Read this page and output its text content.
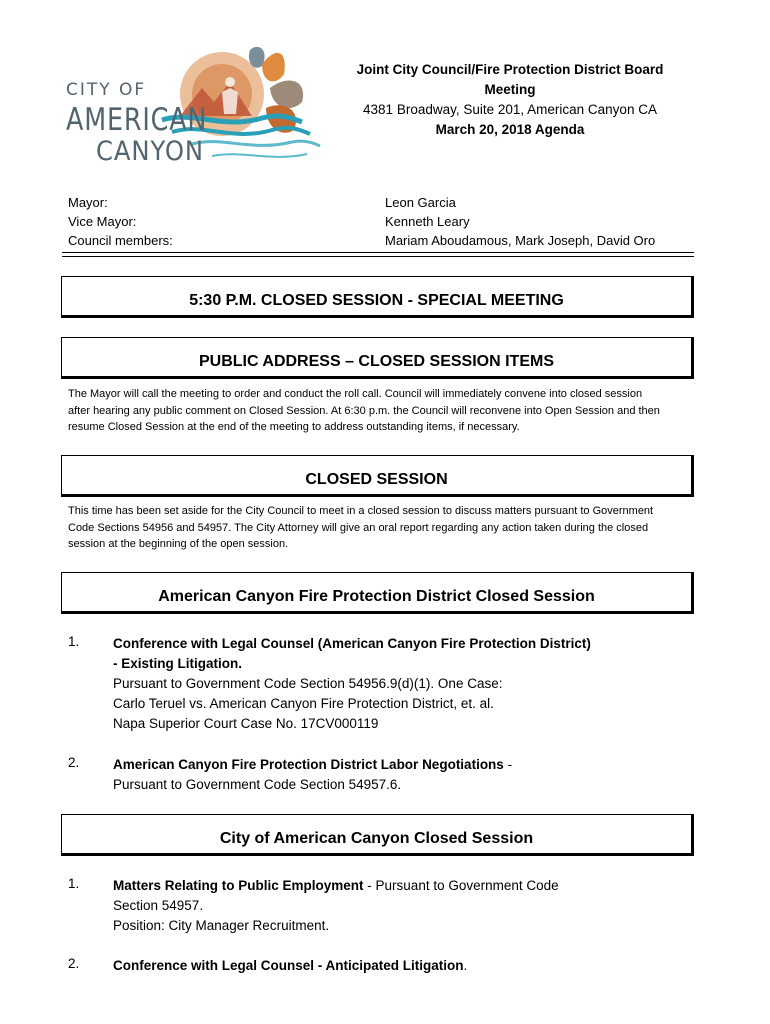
CITY OF
AMERICAN
CANYON
Joint City Council/Fire Protection District Board
Meeting
4381 Broadway, Suite 201, American Canyon CA
March 20, 2018 Agenda
Mayor:
Vice Mayor:
Council members:
Leon Garcia
Kenneth Leary
Mariam Aboudamous, Mark Joseph, David Oro
5:30 P.M. CLOSED SESSION - SPECIAL MEETING
PUBLIC ADDRESS – CLOSED SESSION ITEMS
The Mayor will call the meeting to order and conduct the roll call. Council will immediately convene into closed session
after hearing any public comment on Closed Session. At 6:30 p.m. the Council will reconvene into Open Session and then
resume Closed Session at the end of the meeting to address outstanding items, if necessary.
CLOSED SESSION
This time has been set aside for the City Council to meet in a closed session to discuss matters pursuant to Government
Code Sections 54956 and 54957. The City Attorney will give an oral report regarding any action taken during the closed
session at the beginning of the open session.
American Canyon Fire Protection District Closed Session
1. Conference with Legal Counsel (American Canyon Fire Protection District)
- Existing Litigation.
Pursuant to Government Code Section 54956.9(d)(1). One Case:
Carlo Teruel vs. American Canyon Fire Protection District, et. al.
Napa Superior Court Case No. 17CV000119
2. American Canyon Fire Protection District Labor Negotiations -
Pursuant to Government Code Section 54957.6.
City of American Canyon Closed Session
1. Matters Relating to Public Employment - Pursuant to Government Code
Section 54957.
Position: City Manager Recruitment.
2. Conference with Legal Counsel - Anticipated Litigation.
